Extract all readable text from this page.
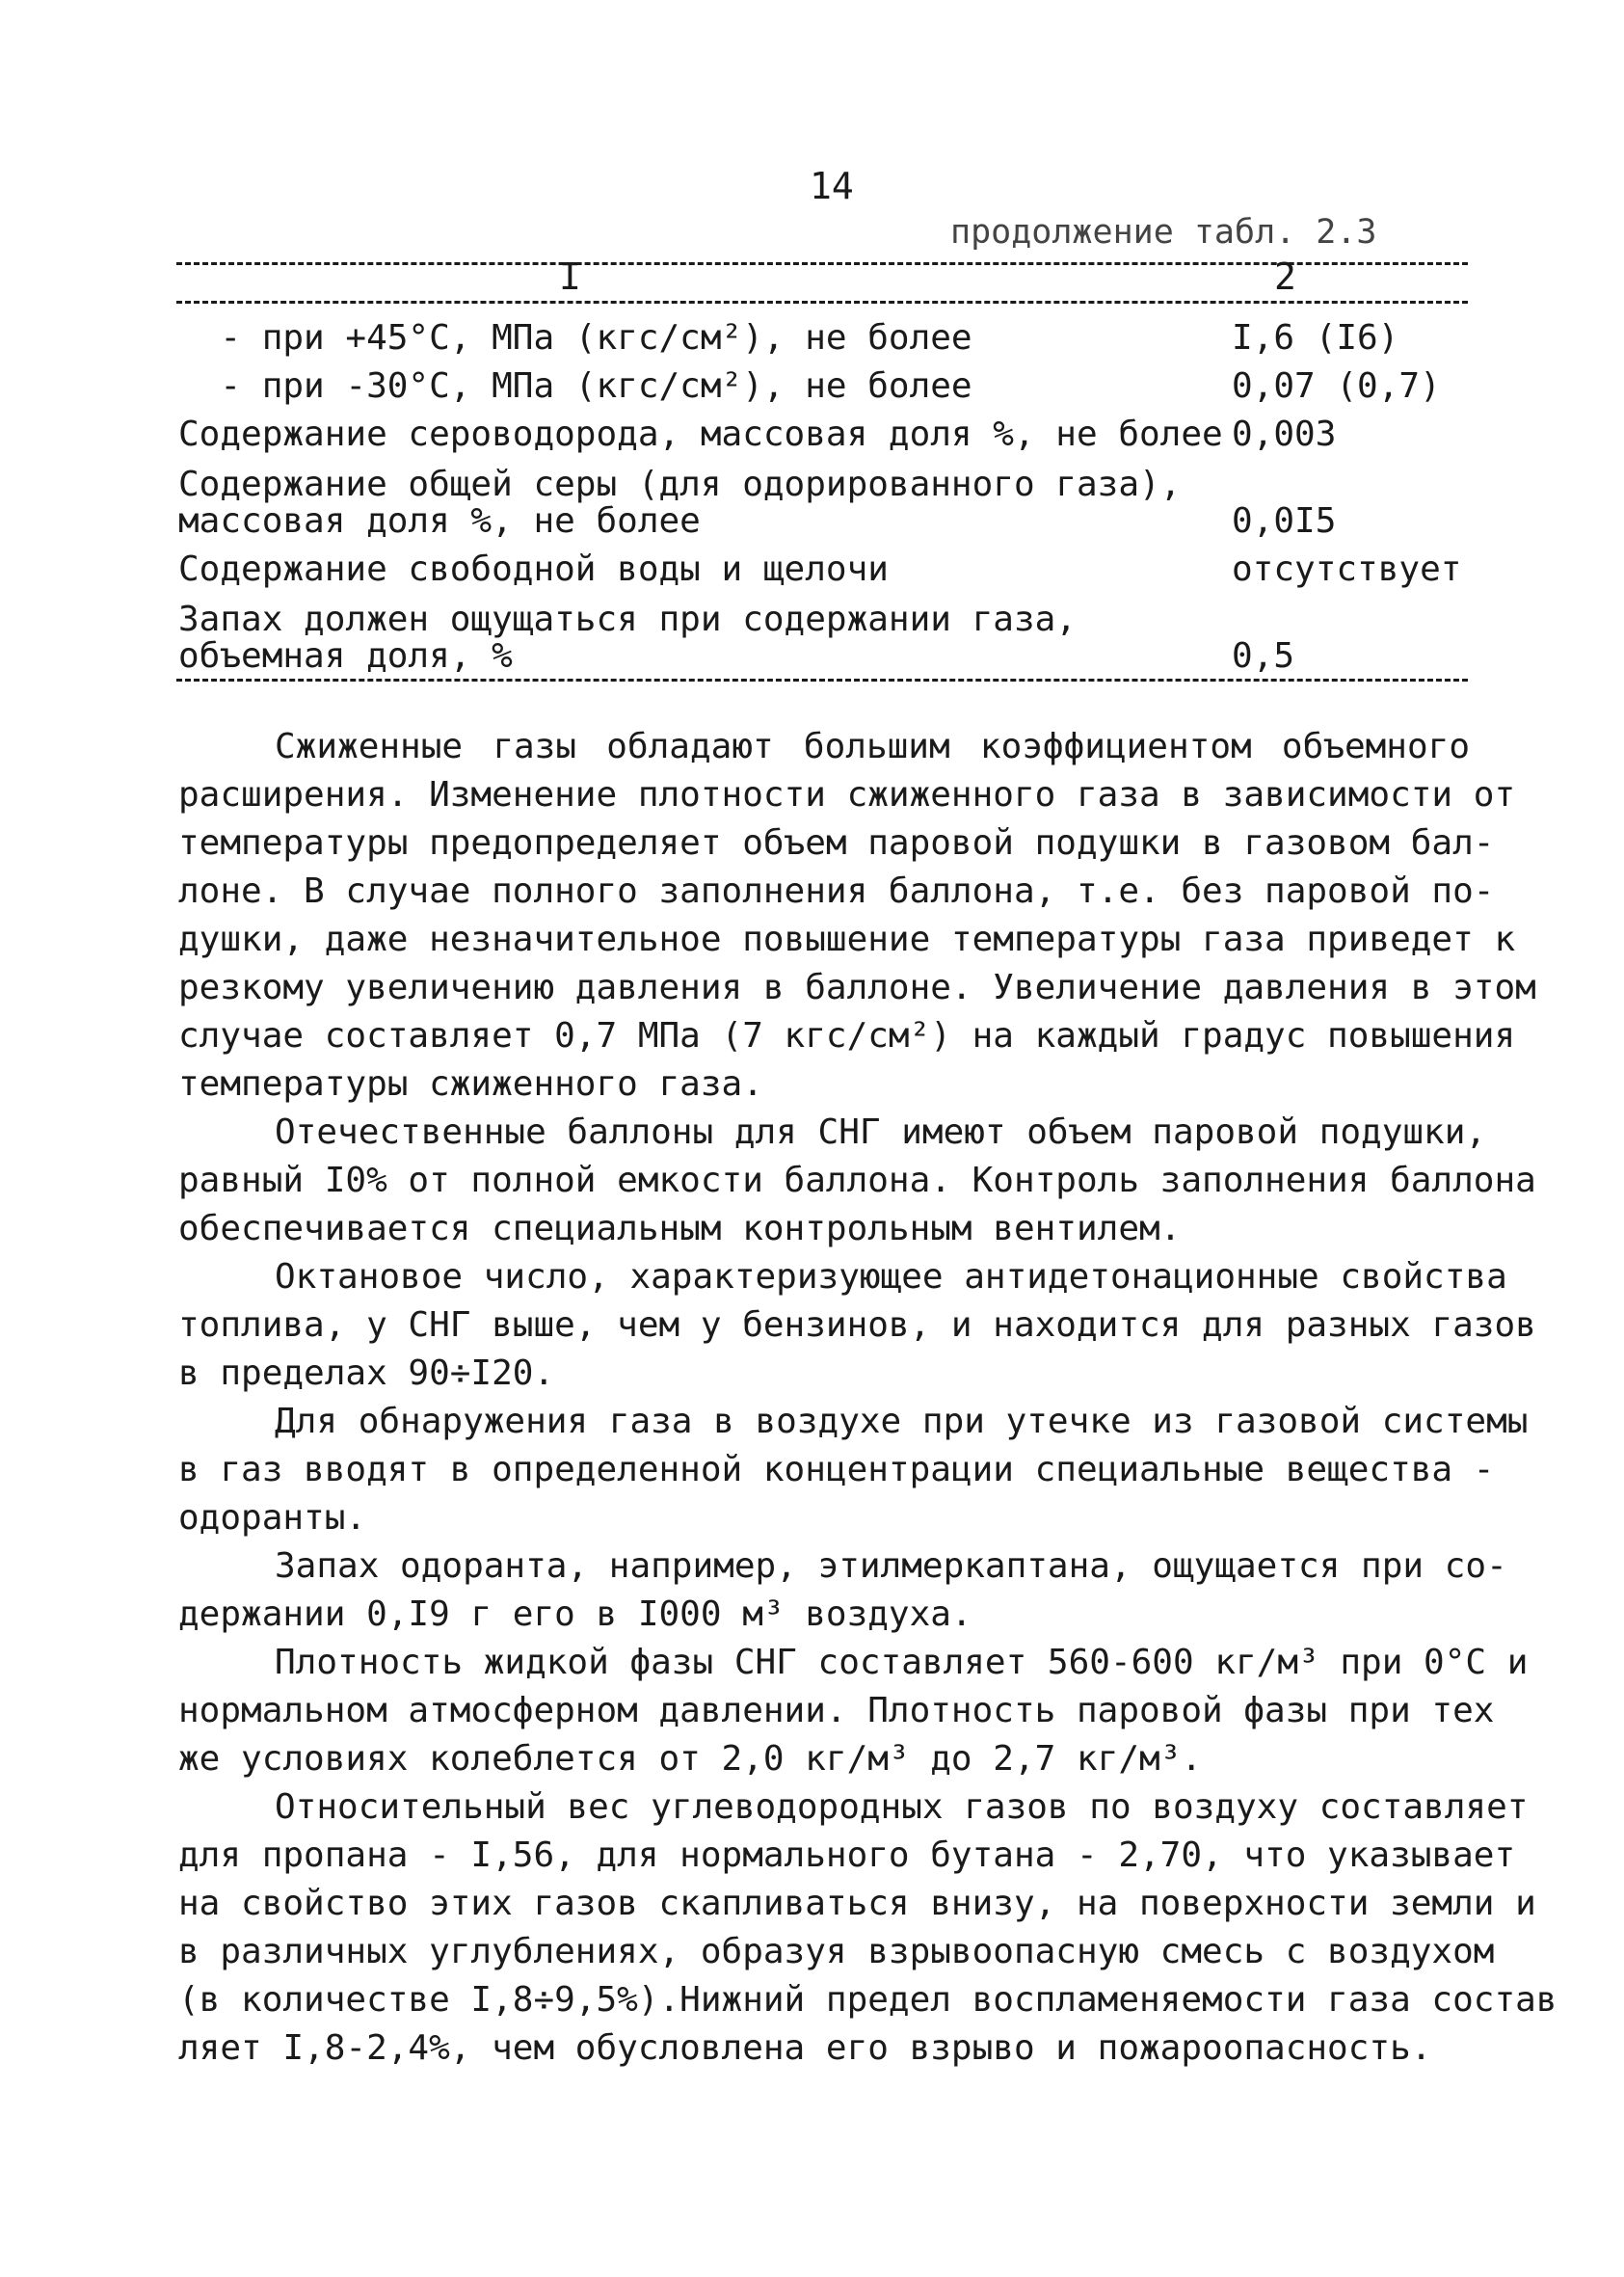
14
продолжение табл. 2.3
I	2
- при +45°С, МПа (кгс/см²), не более	I,6 (I6)
- при -30°С, МПа (кгс/см²), не более	0,07 (0,7)
Содержание сероводорода, массовая доля %, не более 0,003
Содержание общей серы (для одорированного газа),
массовая доля %, не более	0,0I5
Содержание свободной воды и щелочи	отсутствует
Запах должен ощущаться при содержании газа,
объемная доля, %	0,5
Сжиженные газы обладают большим коэффициентом объемного
расширения. Изменение плотности сжиженного газа в зависимости от
температуры предопределяет объем паровой подушки в газовом бал-
лоне. В случае полного заполнения баллона, т.е. без паровой по-
душки, даже незначительное повышение температуры газа приведет к
резкому увеличению давления в баллоне. Увеличение давления в этом
случае составляет 0,7 МПа (7 кгс/см²) на каждый градус повышения
температуры сжиженного газа.
Отечественные баллоны для СНГ имеют объем паровой подушки,
равный I0% от полной емкости баллона. Контроль заполнения баллона
обеспечивается специальным контрольным вентилем.
Октановое число, характеризующее антидетонационные свойства
топлива, у СНГ выше, чем у бензинов, и находится для разных газов
в пределах 90÷I20.
Для обнаружения газа в воздухе при утечке из газовой системы
в газ вводят в определенной концентрации специальные вещества -
одоранты.
Запах одоранта, например, этилмеркаптана, ощущается при со-
держании 0,I9 г его в I000 м³ воздуха.
Плотность жидкой фазы СНГ составляет 560-600 кг/м³ при 0°С и
нормальном атмосферном давлении. Плотность паровой фазы при тех
же условиях колеблется от 2,0 кг/м³ до 2,7 кг/м³.
Относительный вес углеводородных газов по воздуху составляет
для пропана - I,56, для нормального бутана - 2,70, что указывает
на свойство этих газов скапливаться внизу, на поверхности земли и
в различных углублениях, образуя взрывоопасную смесь с воздухом
(в количестве I,8÷9,5%).Нижний предел воспламеняемости газа состав
ляет I,8-2,4%, чем обусловлена его взрыво и пожароопасность.
